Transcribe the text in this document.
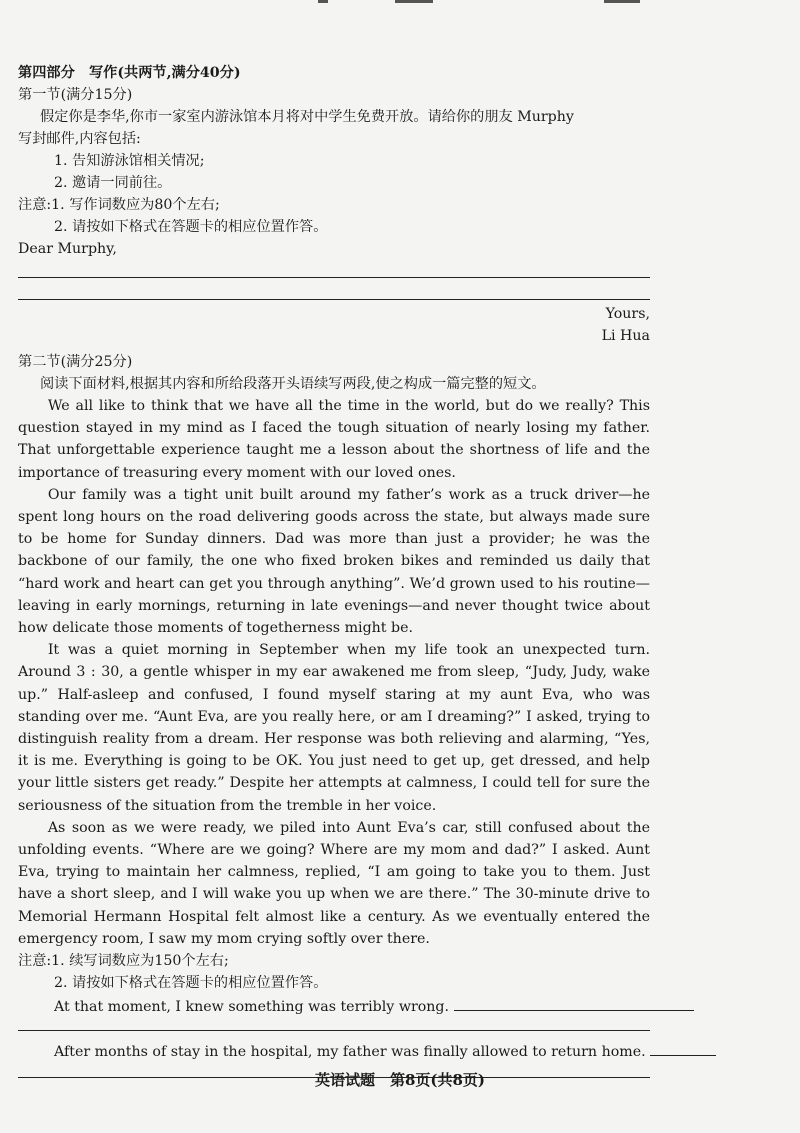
第四部分　写作(共两节,满分40分)
第一节(满分15分)
假定你是李华,你市一家室内游泳馆本月将对中学生免费开放。请给你的朋友 Murphy
写封邮件,内容包括:
1. 告知游泳馆相关情况;
2. 邀请一同前往。
注意:1. 写作词数应为80个左右;
2. 请按如下格式在答题卡的相应位置作答。
Dear Murphy,
Yours,
Li Hua
第二节(满分25分)
阅读下面材料,根据其内容和所给段落开头语续写两段,使之构成一篇完整的短文。

We all like to think that we have all the time in the world, but do we really? This question stayed in my mind as I faced the tough situation of nearly losing my father. That unforgettable experience taught me a lesson about the shortness of life and the importance of treasuring every moment with our loved ones.

Our family was a tight unit built around my father’s work as a truck driver—he spent long hours on the road delivering goods across the state, but always made sure to be home for Sunday dinners. Dad was more than just a provider; he was the backbone of our family, the one who fixed broken bikes and reminded us daily that “hard work and heart can get you through anything”. We’d grown used to his routine—leaving in early mornings, returning in late evenings—and never thought twice about how delicate those moments of togetherness might be.

It was a quiet morning in September when my life took an unexpected turn. Around 3 : 30, a gentle whisper in my ear awakened me from sleep, “Judy, Judy, wake up.” Half-asleep and confused, I found myself staring at my aunt Eva, who was standing over me. “Aunt Eva, are you really here, or am I dreaming?” I asked, trying to distinguish reality from a dream. Her response was both relieving and alarming, “Yes, it is me. Everything is going to be OK. You just need to get up, get dressed, and help your little sisters get ready.” Despite her attempts at calmness, I could tell for sure the seriousness of the situation from the tremble in her voice.

As soon as we were ready, we piled into Aunt Eva’s car, still confused about the unfolding events. “Where are we going? Where are my mom and dad?” I asked. Aunt Eva, trying to maintain her calmness, replied, “I am going to take you to them. Just have a short sleep, and I will wake you up when we are there.” The 30-minute drive to Memorial Hermann Hospital felt almost like a century. As we eventually entered the emergency room, I saw my mom crying softly over there.

注意:1. 续写词数应为150个左右;
2. 请按如下格式在答题卡的相应位置作答。
At that moment, I knew something was terribly wrong.
After months of stay in the hospital, my father was finally allowed to return home.
英语试题　第8页(共8页)
